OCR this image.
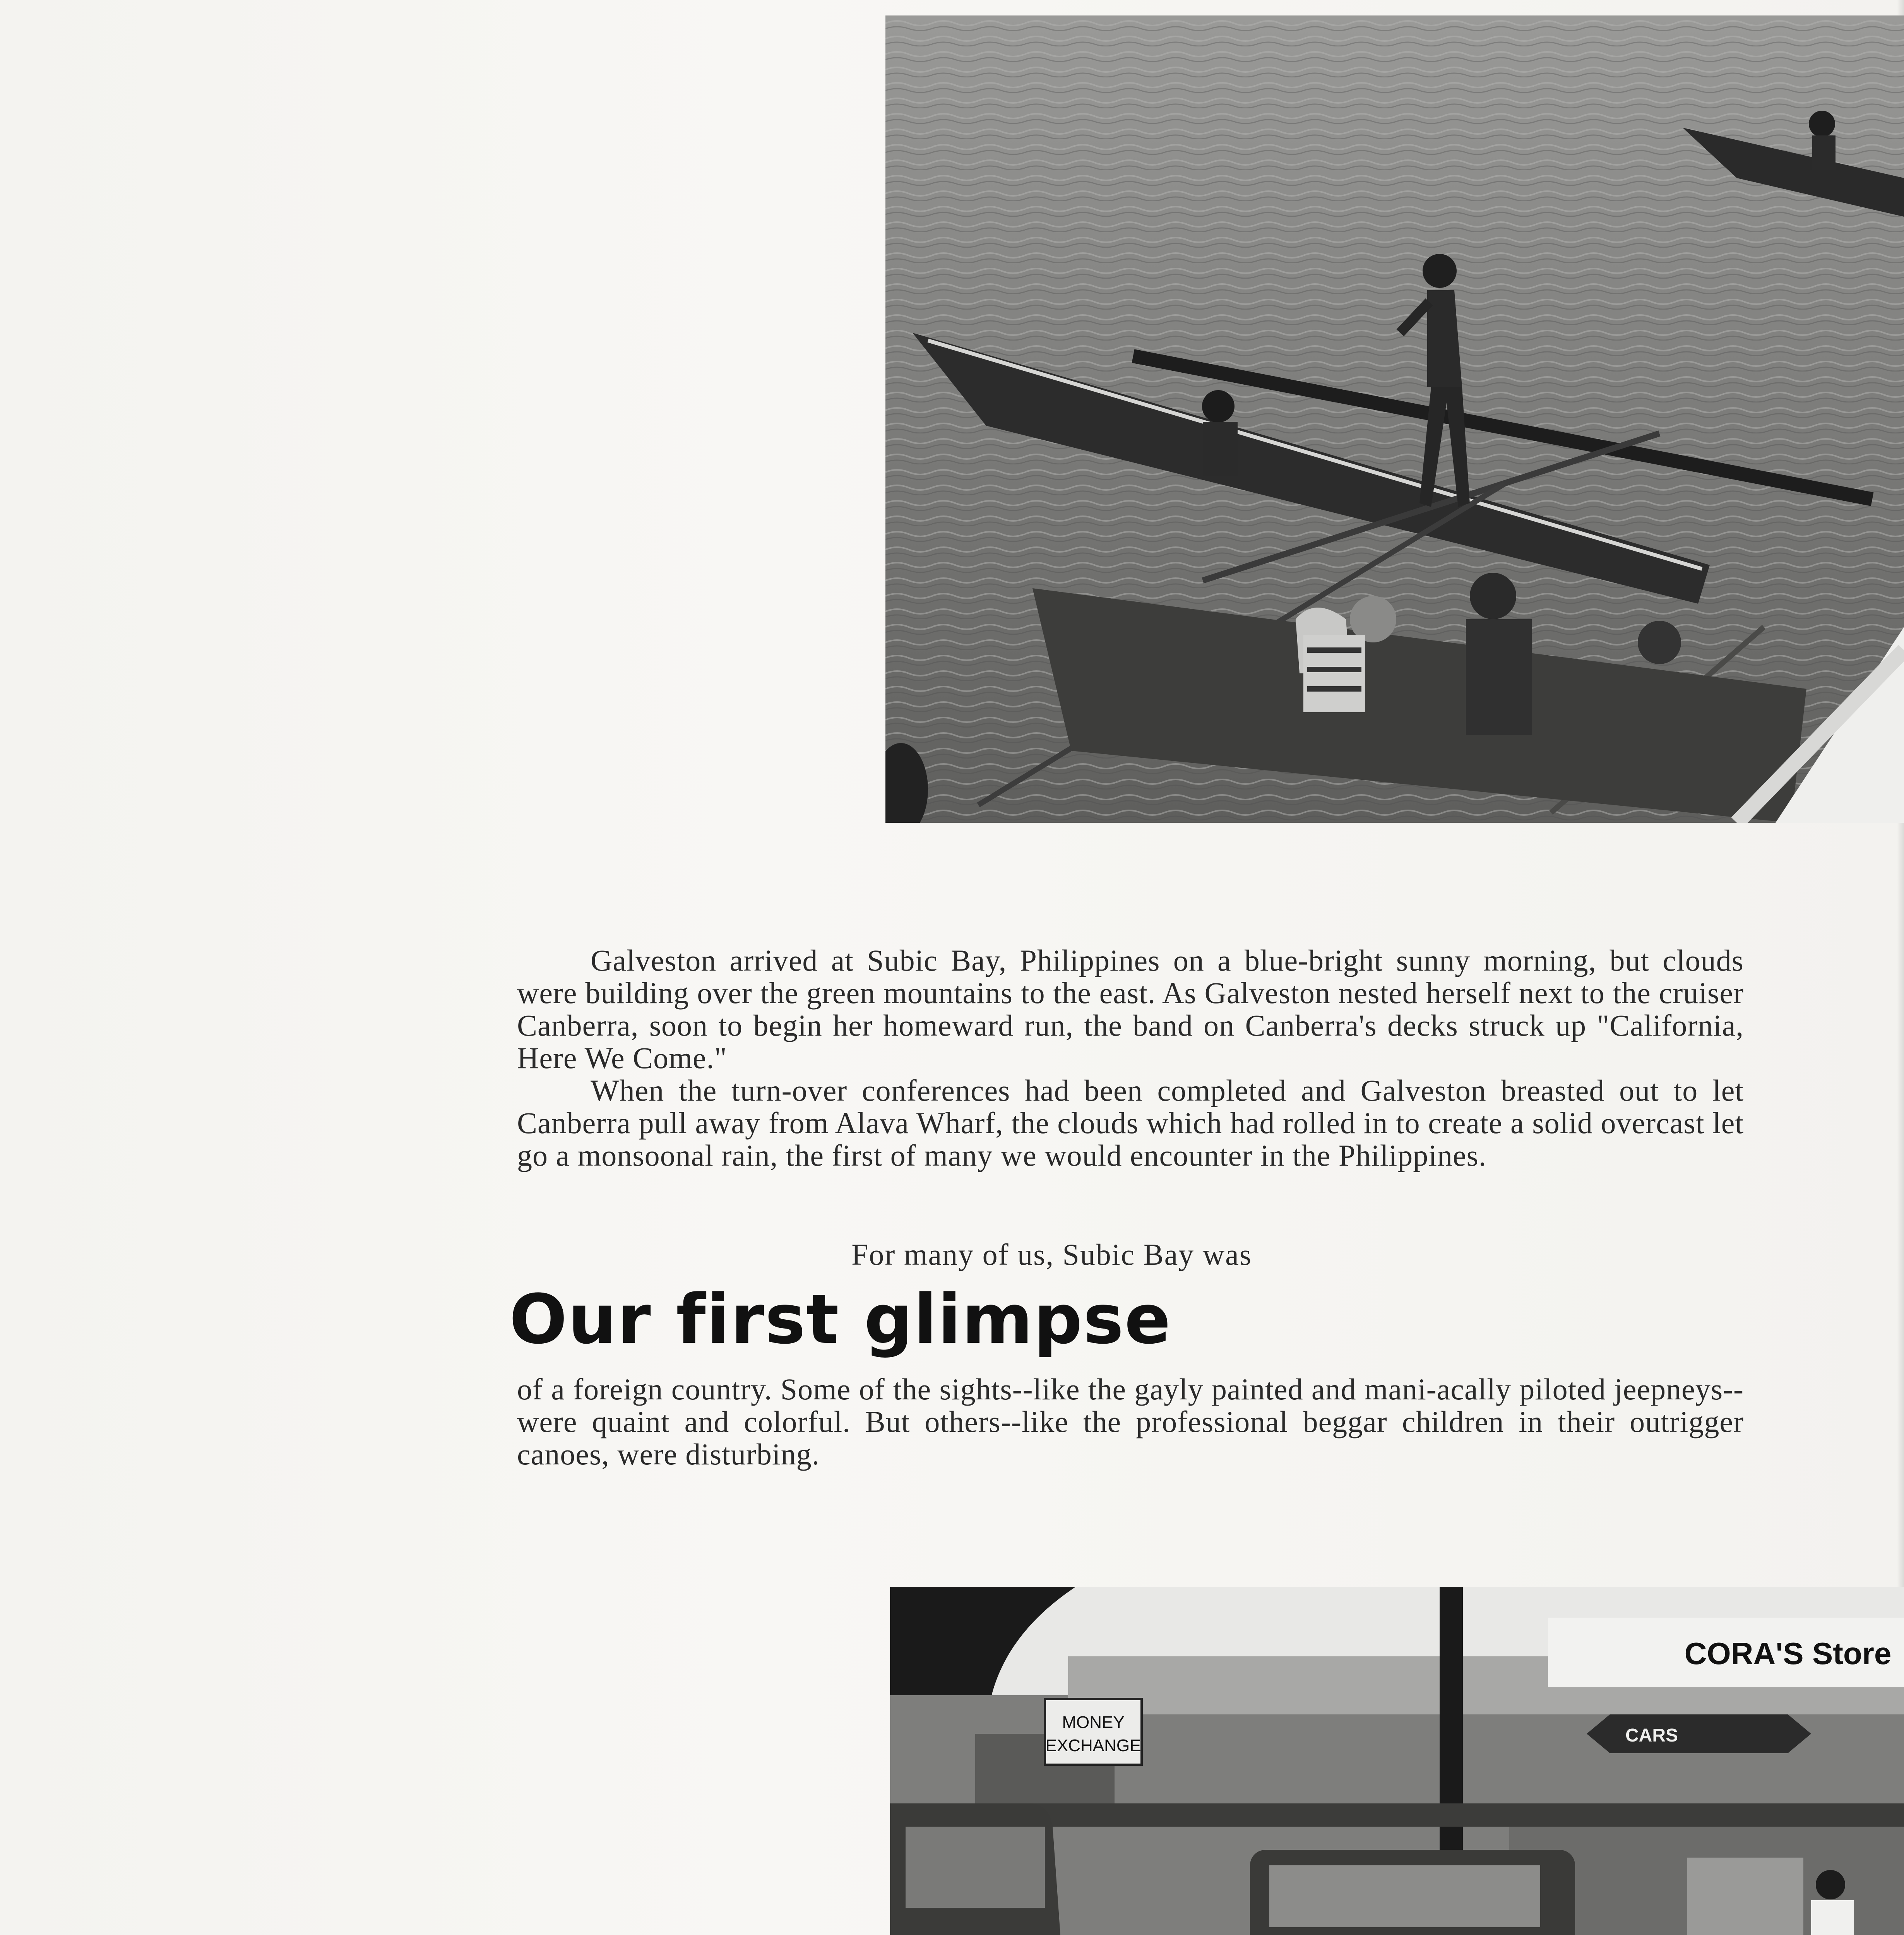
Galveston arrived at Subic Bay, Philippines on a blue-bright sunny morning, but clouds were building over the green mountains to the east. As Galveston nested herself next to the cruiser Canberra, soon to begin her homeward run, the band on Canberra's decks struck up "California, Here We Come."

When the turn-over conferences had been completed and Galveston breasted out to let Canberra pull away from Alava Wharf, the clouds which had rolled in to create a solid overcast let go a monsoonal rain, the first of many we would encounter in the Philippines.

For many of us, Subic Bay was
Our first glimpse

of a foreign country. Some of the sights--like the gayly painted and mani-acally piloted jeepneys--were quaint and colorful. But others--like the professional beggar children in their outrigger canoes, were disturbing.

MONEY
EXCHANGE
CORA'S Store
CARS
